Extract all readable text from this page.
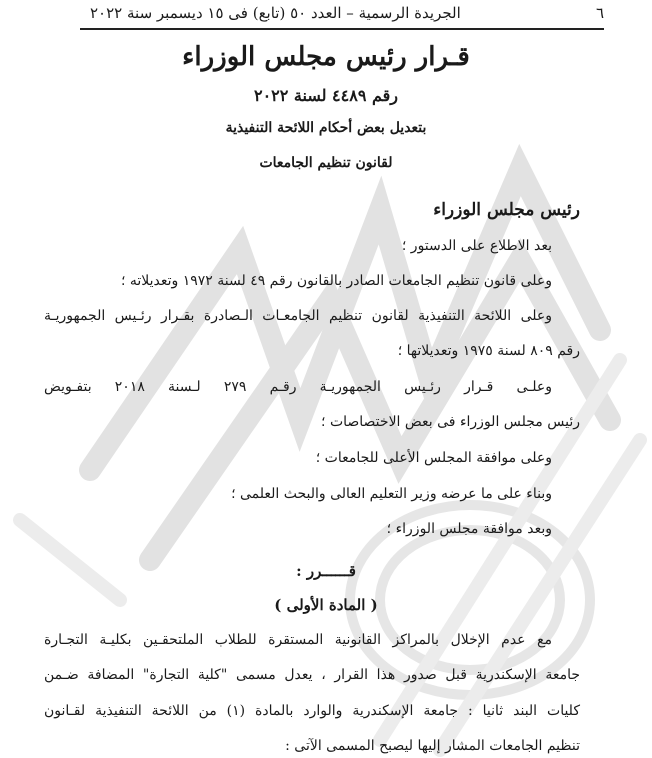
٦
الجريدة الرسمية – العدد ٥٠ (تابع) فى ١٥ ديسمبر سنة ٢٠٢٢
قـرار رئيس مجلس الوزراء
رقم ٤٤٨٩ لسنة ٢٠٢٢
بتعديل بعض أحكام اللائحة التنفيذية
لقانون تنظيم الجامعات
رئيس مجلس الوزراء
بعد الاطلاع على الدستور ؛
وعلى قانون تنظيم الجامعات الصادر بالقانون رقم ٤٩ لسنة ١٩٧٢ وتعديلاته ؛
وعلى اللائحة التنفيذية لقانون تنظيم الجامعـات الـصادرة بقـرار رئـيس الجمهوريـة
رقم ٨٠٩ لسنة ١٩٧٥ وتعديلاتها ؛
وعلـى قـرار رئـيس الجمهوريـة رقـم ٢٧٩ لـسنة ٢٠١٨ بتفـويض
رئيس مجلس الوزراء فى بعض الاختصاصات ؛
وعلى موافقة المجلس الأعلى للجامعات ؛
وبناء على ما عرضه وزير التعليم العالى والبحث العلمى ؛
وبعد موافقة مجلس الوزراء ؛
قــــــرر :
( المادة الأولى )
مع عدم الإخلال بالمراكز القانونية المستقرة للطلاب الملتحقـين بكليـة التجـارة
جامعة الإسكندرية قبل صدور هذا القرار ، يعدل مسمى "كلية التجارة" المضافة ضـمن
كليات البند ثانيا : جامعة الإسكندرية والوارد بالمادة (١) من اللائحة التنفيذية لقـانون
تنظيم الجامعات المشار إليها ليصبح المسمى الآتى :
